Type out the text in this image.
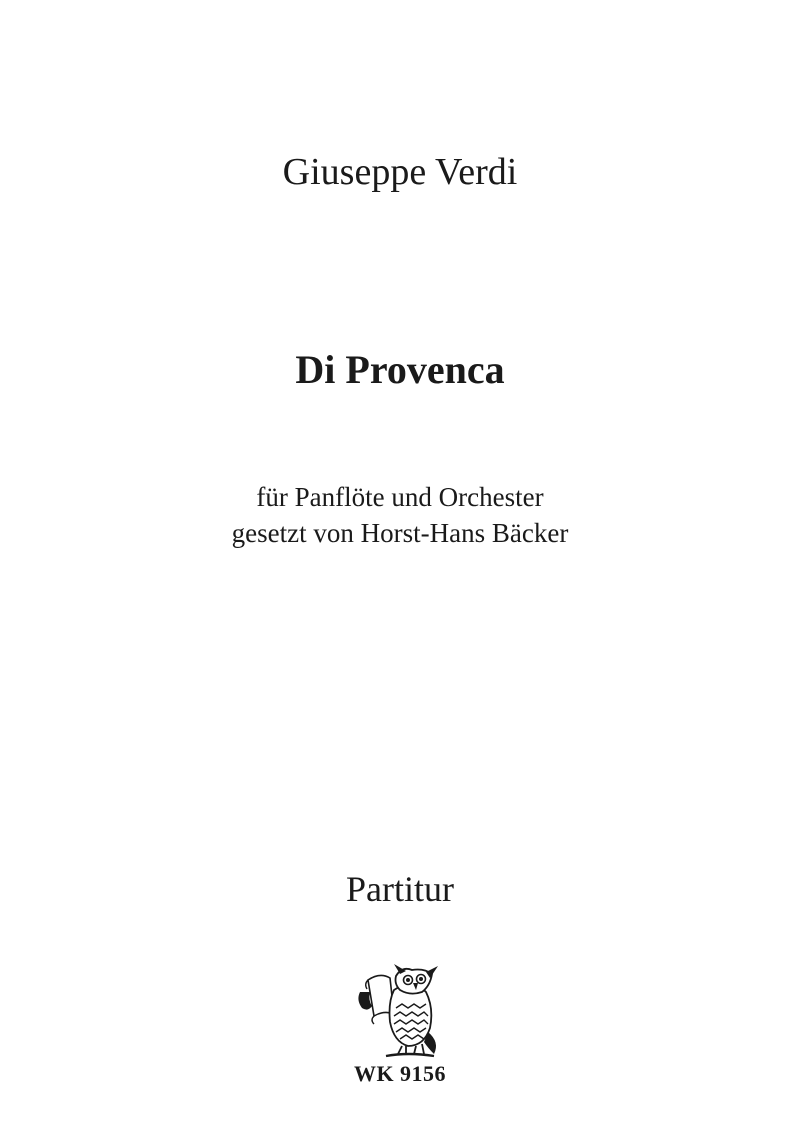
Giuseppe Verdi
Di Provenca
für Panflöte und Orchester
gesetzt von Horst-Hans Bäcker
Partitur
WK 9156
